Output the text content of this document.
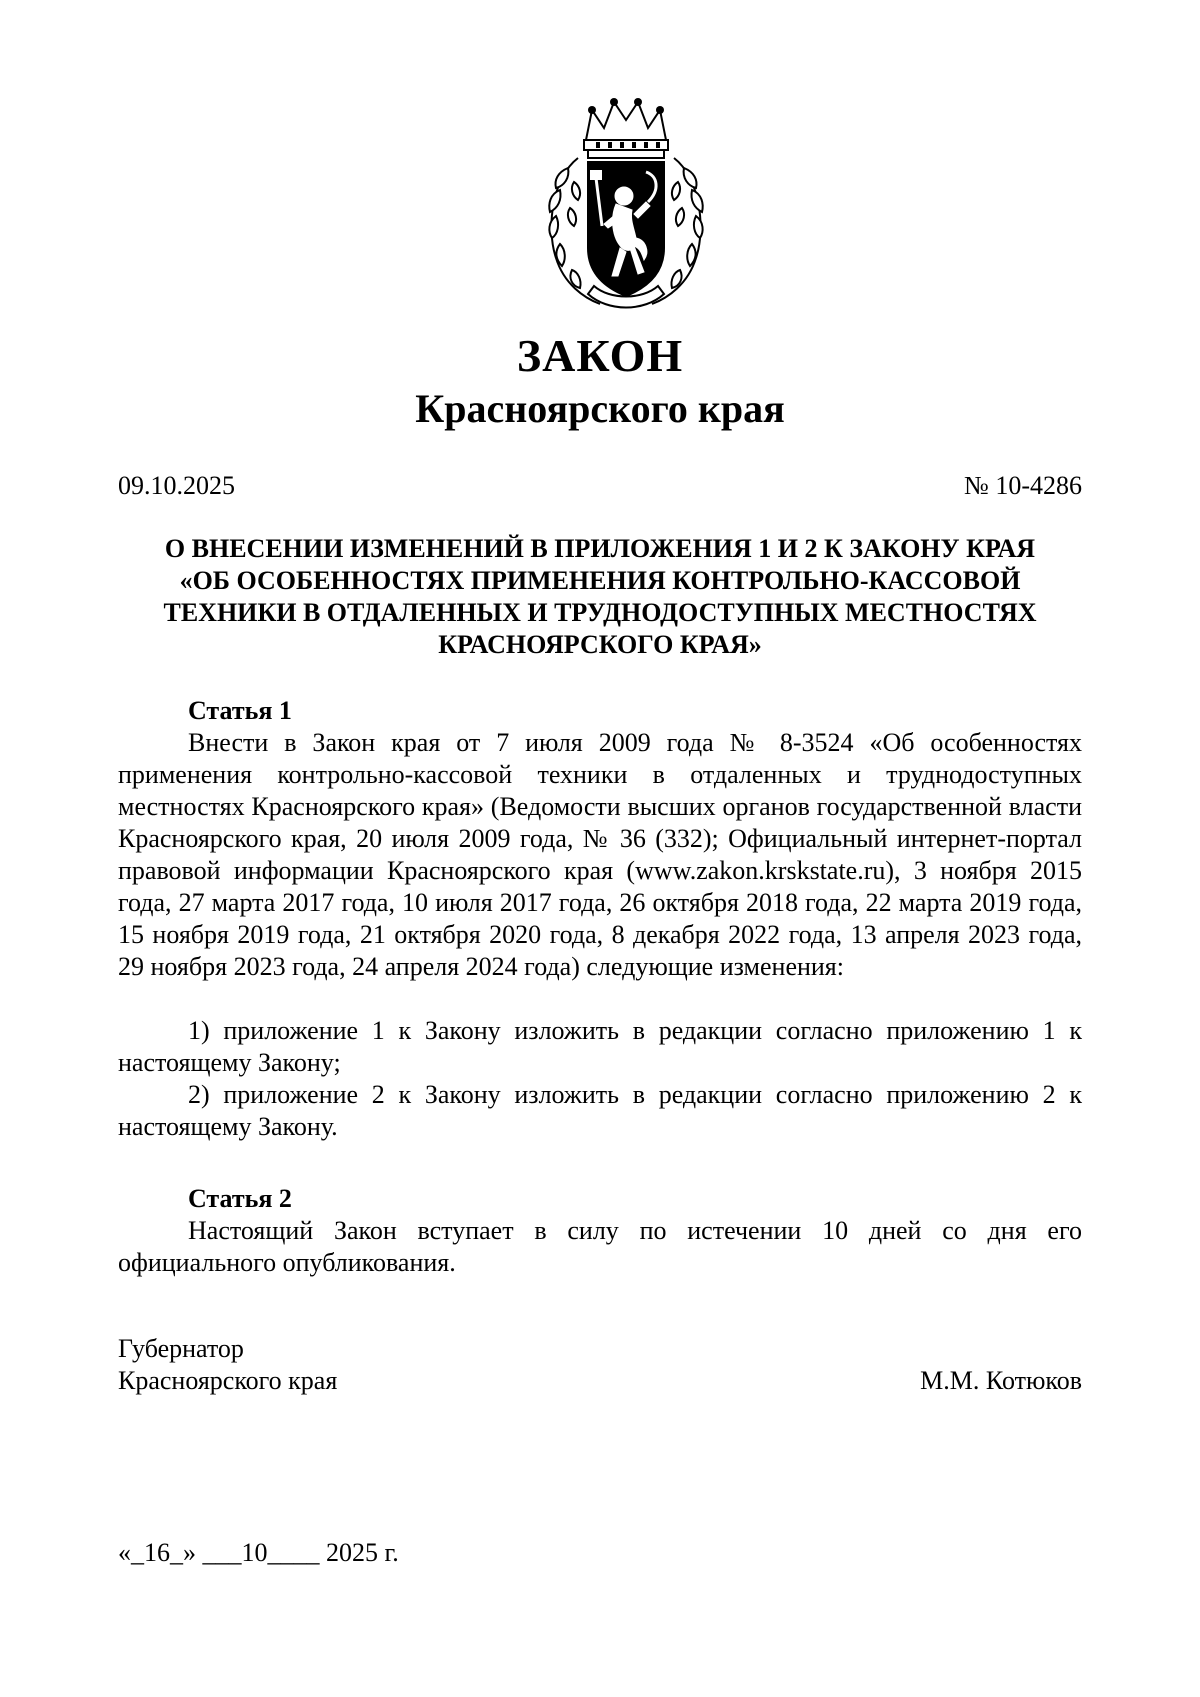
ЗАКОН
Красноярского края
09.10.2025	№ 10-4286
О ВНЕСЕНИИ ИЗМЕНЕНИЙ В ПРИЛОЖЕНИЯ 1 И 2 К ЗАКОНУ КРАЯ
«ОБ ОСОБЕННОСТЯХ ПРИМЕНЕНИЯ КОНТРОЛЬНО-КАССОВОЙ
ТЕХНИКИ В ОТДАЛЕННЫХ И ТРУДНОДОСТУПНЫХ МЕСТНОСТЯХ
КРАСНОЯРСКОГО КРАЯ»
Статья 1
Внести в Закон края от 7 июля 2009 года № 8-3524 «Об особенностях применения контрольно-кассовой техники в отдаленных и труднодоступных местностях Красноярского края» (Ведомости высших органов государственной власти Красноярского края, 20 июля 2009 года, № 36 (332); Официальный интернет-портал правовой информации Красноярского края (www.zakon.krskstate.ru), 3 ноября 2015 года, 27 марта 2017 года, 10 июля 2017 года, 26 октября 2018 года, 22 марта 2019 года, 15 ноября 2019 года, 21 октября 2020 года, 8 декабря 2022 года, 13 апреля 2023 года, 29 ноября 2023 года, 24 апреля 2024 года) следующие изменения:
1) приложение 1 к Закону изложить в редакции согласно приложению 1 к настоящему Закону;
2) приложение 2 к Закону изложить в редакции согласно приложению 2 к настоящему Закону.
Статья 2
Настоящий Закон вступает в силу по истечении 10 дней со дня его официального опубликования.
Губернатор
Красноярского края	М.М. Котюков
«_16_» ___10____ 2025 г.
